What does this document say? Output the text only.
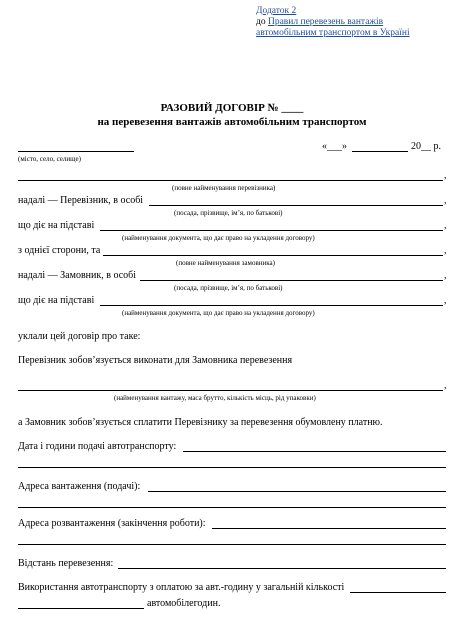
Додаток 2
до Правил перевезень вантажів
автомобільним транспортом в Україні
РАЗОВИЙ ДОГОВІР № ____
на перевезення вантажів автомобільним транспортом
(місто, село, селище)
«___»	20__ р.
,
(повне найменування перевізника)
надалі — Перевізник, в особі	,
(посада, прізвище, ім’я, по батькові)
що діє на підставі	,
(найменування документа, що дає право на укладення договору)
з однієї сторони, та	,
(повне найменування замовника)
надалі — Замовник, в особі	,
(посада, прізвище, ім’я, по батькові)
що діє на підставі	,
(найменування документа, що дає право на укладення договору)
уклали цей договір про таке:
Перевізник зобов’язується виконати для Замовника перевезення
,
(найменування вантажу, маса брутто, кількість місць, рід упаковки)
а Замовник зобов’язується сплатити Перевізнику за перевезення обумовлену платню.
Дата і години подачі автотранспорту:
Адреса вантаження (подачі):
Адреса розвантаження (закінчення роботи):
Відстань перевезення:
Використання автотранспорту з оплатою за авт.-годину у загальній кількості
автомобілегодин.
